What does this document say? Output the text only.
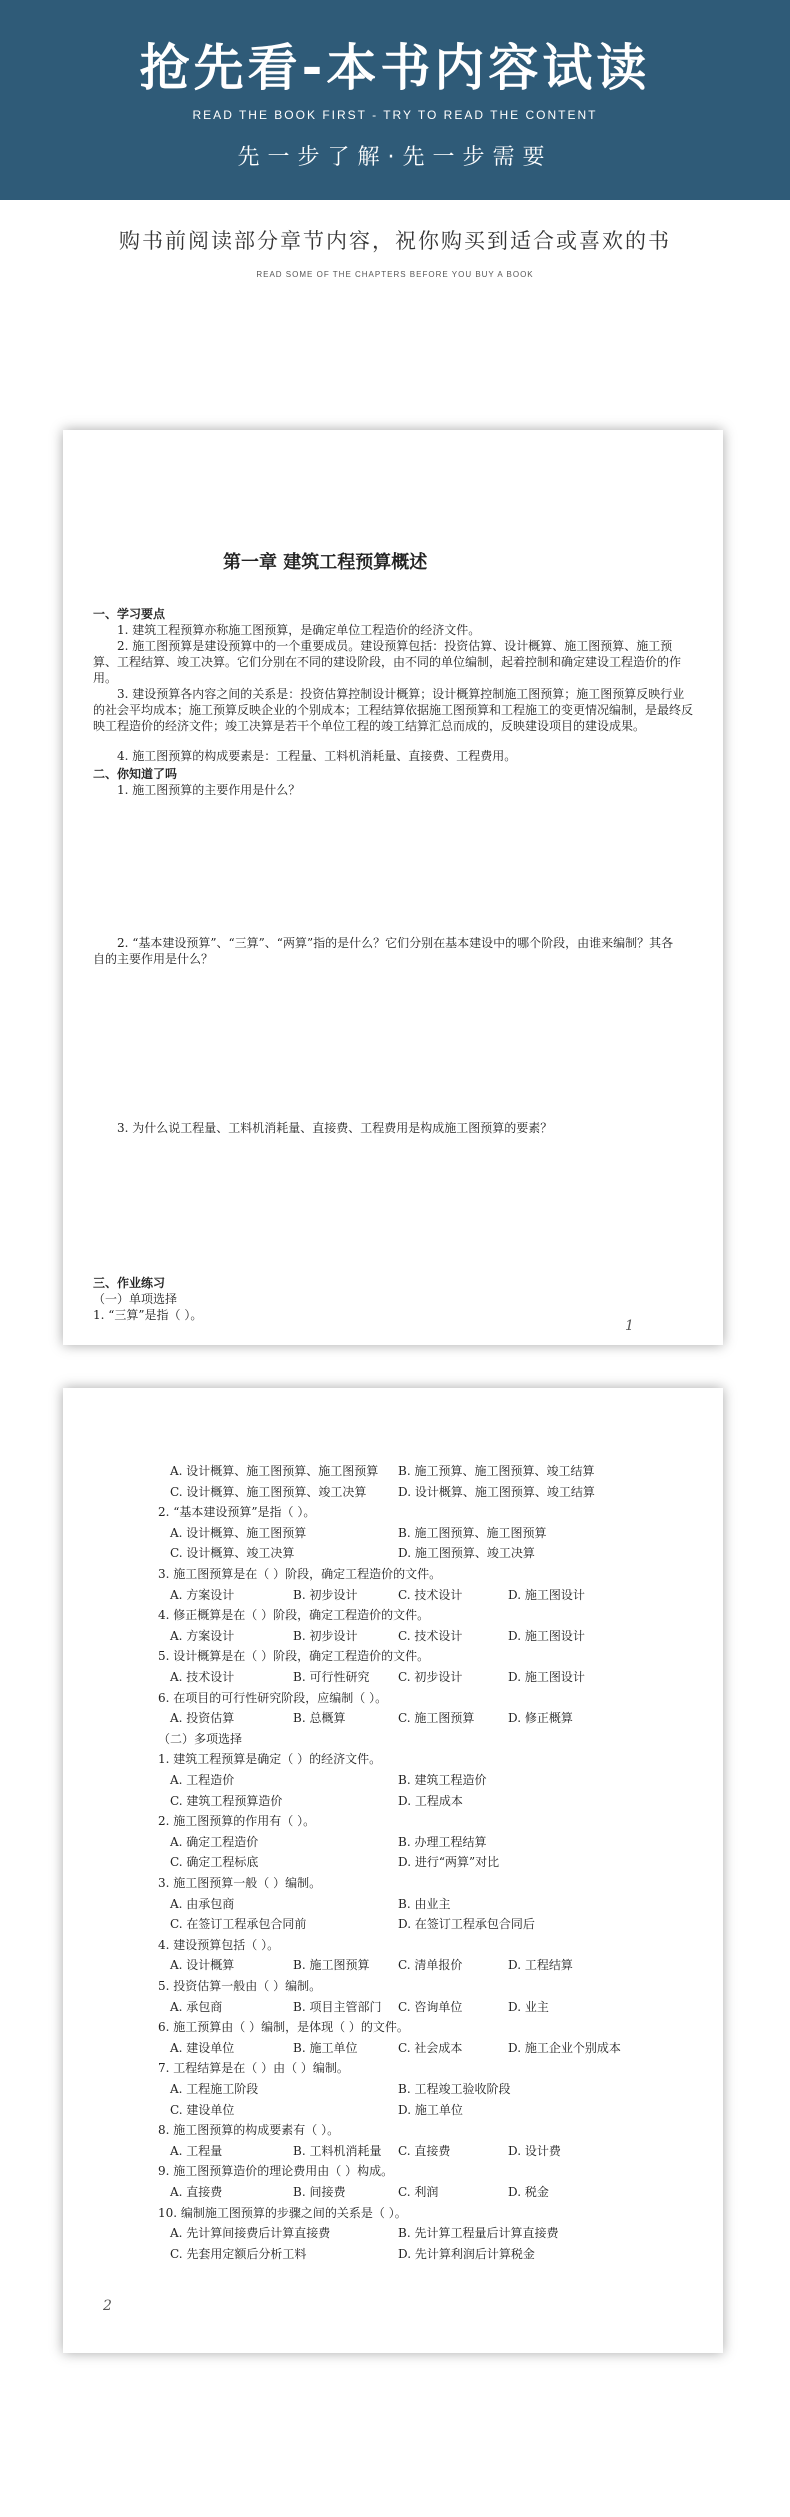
抢先看-本书内容试读
READ THE BOOK FIRST - TRY TO READ THE CONTENT
先一步了解·先一步需要
购书前阅读部分章节内容，祝你购买到适合或喜欢的书
READ SOME OF THE CHAPTERS BEFORE YOU BUY A BOOK
第一章 建筑工程预算概述
一、学习要点
1. 建筑工程预算亦称施工图预算，是确定单位工程造价的经济文件。
2. 施工图预算是建设预算中的一个重要成员。建设预算包括：投资估算、设计概算、施工图预算、施工预算、工程结算、竣工决算。它们分别在不同的建设阶段，由不同的单位编制，起着控制和确定建设工程造价的作用。
3. 建设预算各内容之间的关系是：投资估算控制设计概算；设计概算控制施工图预算；施工图预算反映行业的社会平均成本；施工预算反映企业的个别成本；工程结算依据施工图预算和工程施工的变更情况编制，是最终反映工程造价的经济文件；竣工决算是若干个单位工程的竣工结算汇总而成的，反映建设项目的建设成果。
4. 施工图预算的构成要素是：工程量、工料机消耗量、直接费、工程费用。
二、你知道了吗
1. 施工图预算的主要作用是什么？
2. “基本建设预算”、“三算”、“两算”指的是什么？它们分别在基本建设中的哪个阶段，由谁来编制？其各自的主要作用是什么？
3. 为什么说工程量、工料机消耗量、直接费、工程费用是构成施工图预算的要素？
三、作业练习
（一）单项选择
1. “三算”是指（ ）。
1
A. 设计概算、施工图预算、施工图预算 B. 施工预算、施工图预算、竣工结算
C. 设计概算、施工图预算、竣工决算	D. 设计概算、施工图预算、竣工结算
2. “基本建设预算”是指（ ）。
A. 设计概算、施工图预算	B. 施工图预算、施工图预算
C. 设计概算、竣工决算	D. 施工图预算、竣工决算
3. 施工图预算是在（ ）阶段，确定工程造价的文件。
A. 方案设计	B. 初步设计	C. 技术设计	D. 施工图设计
4. 修正概算是在（ ）阶段，确定工程造价的文件。
A. 方案设计	B. 初步设计	C. 技术设计	D. 施工图设计
5. 设计概算是在（ ）阶段，确定工程造价的文件。
A. 技术设计	B. 可行性研究 C. 初步设计	D. 施工图设计
6. 在项目的可行性研究阶段，应编制（ ）。
A. 投资估算	B. 总概算	C. 施工图预算	D. 修正概算
（二）多项选择
1. 建筑工程预算是确定（ ）的经济文件。
A. 工程造价	B. 建筑工程造价
C. 建筑工程预算造价	D. 工程成本
2. 施工图预算的作用有（ ）。
A. 确定工程造价	B. 办理工程结算
C. 确定工程标底	D. 进行“两算”对比
3. 施工图预算一般（ ）编制。
A. 由承包商	B. 由业主
C. 在签订工程承包合同前	D. 在签订工程承包合同后
4. 建设预算包括（ ）。
A. 设计概算	B. 施工图预算 C. 清单报价	D. 工程结算
5. 投资估算一般由（ ）编制。
A. 承包商	B. 项目主管部门 C. 咨询单位	D. 业主
6. 施工预算由（ ）编制，是体现（ ）的文件。
A. 建设单位	B. 施工单位	C. 社会成本	D. 施工企业个别成本
7. 工程结算是在（ ）由（ ）编制。
A. 工程施工阶段	B. 工程竣工验收阶段
C. 建设单位	D. 施工单位
8. 施工图预算的构成要素有（ ）。
A. 工程量	B. 工料机消耗量 C. 直接费	D. 设计费
9. 施工图预算造价的理论费用由（ ）构成。
A. 直接费	B. 间接费	C. 利润	D. 税金
10. 编制施工图预算的步骤之间的关系是（ ）。
A. 先计算间接费后计算直接费	B. 先计算工程量后计算直接费
C. 先套用定额后分析工料	D. 先计算利润后计算税金
2
